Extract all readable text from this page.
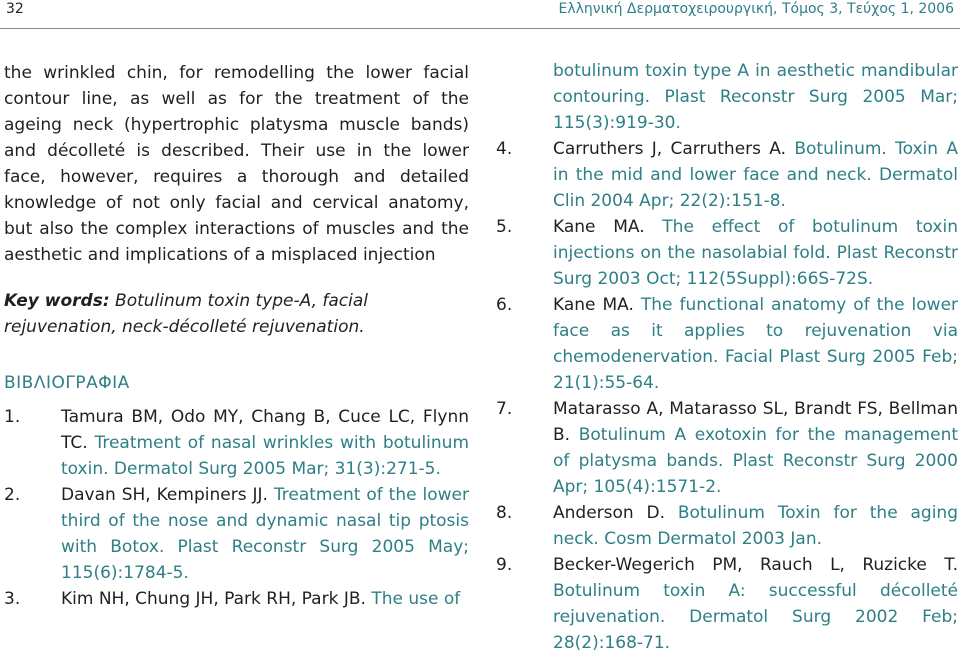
32	Ελληνική Δερματοχειρουργική, Τόμος 3, Τεύχος 1, 2006

the wrinkled chin, for remodelling the lower facial contour line, as well as for the treatment of the ageing neck (hypertrophic platysma muscle bands) and décolleté is described. Their use in the lower face, however, requires a thorough and detailed knowledge of not only facial and cervical anatomy, but also the complex interactions of muscles and the aesthetic and implications of a misplaced injection

Key words: Botulinum toxin type-A, facial rejuvenation, neck-décolleté rejuvenation.

ΒΙΒΛΙΟΓΡΑΦΙΑ
1. Tamura BM, Odo MY, Chang B, Cuce LC, Flynn TC. Treatment of nasal wrinkles with botulinum toxin. Dermatol Surg 2005 Mar; 31(3):271-5.
2. Davan SH, Kempiners JJ. Treatment of the lower third of the nose and dynamic nasal tip ptosis with Botox. Plast Reconstr Surg 2005 May; 115(6):1784-5.
3. Kim NH, Chung JH, Park RH, Park JB. The use of
botulinum toxin type A in aesthetic mandibular contouring. Plast Reconstr Surg 2005 Mar; 115(3):919-30.
4. Carruthers J, Carruthers A. Botulinum. Toxin A in the mid and lower face and neck. Dermatol Clin 2004 Apr; 22(2):151-8.
5. Kane MA. The effect of botulinum toxin injections on the nasolabial fold. Plast Reconstr Surg 2003 Oct; 112(5Suppl):66S-72S.
6. Kane MA. The functional anatomy of the lower face as it applies to rejuvenation via chemodenervation. Facial Plast Surg 2005 Feb; 21(1):55-64.
7. Matarasso A, Matarasso SL, Brandt FS, Bellman B. Botulinum A exotoxin for the management of platysma bands. Plast Reconstr Surg 2000 Apr; 105(4):1571-2.
8. Anderson D. Botulinum Toxin for the aging neck. Cosm Dermatol 2003 Jan.
9. Becker-Wegerich PM, Rauch L, Ruzicke T. Botulinum toxin A: successful décolleté rejuvenation. Dermatol Surg 2002 Feb; 28(2):168-71.
